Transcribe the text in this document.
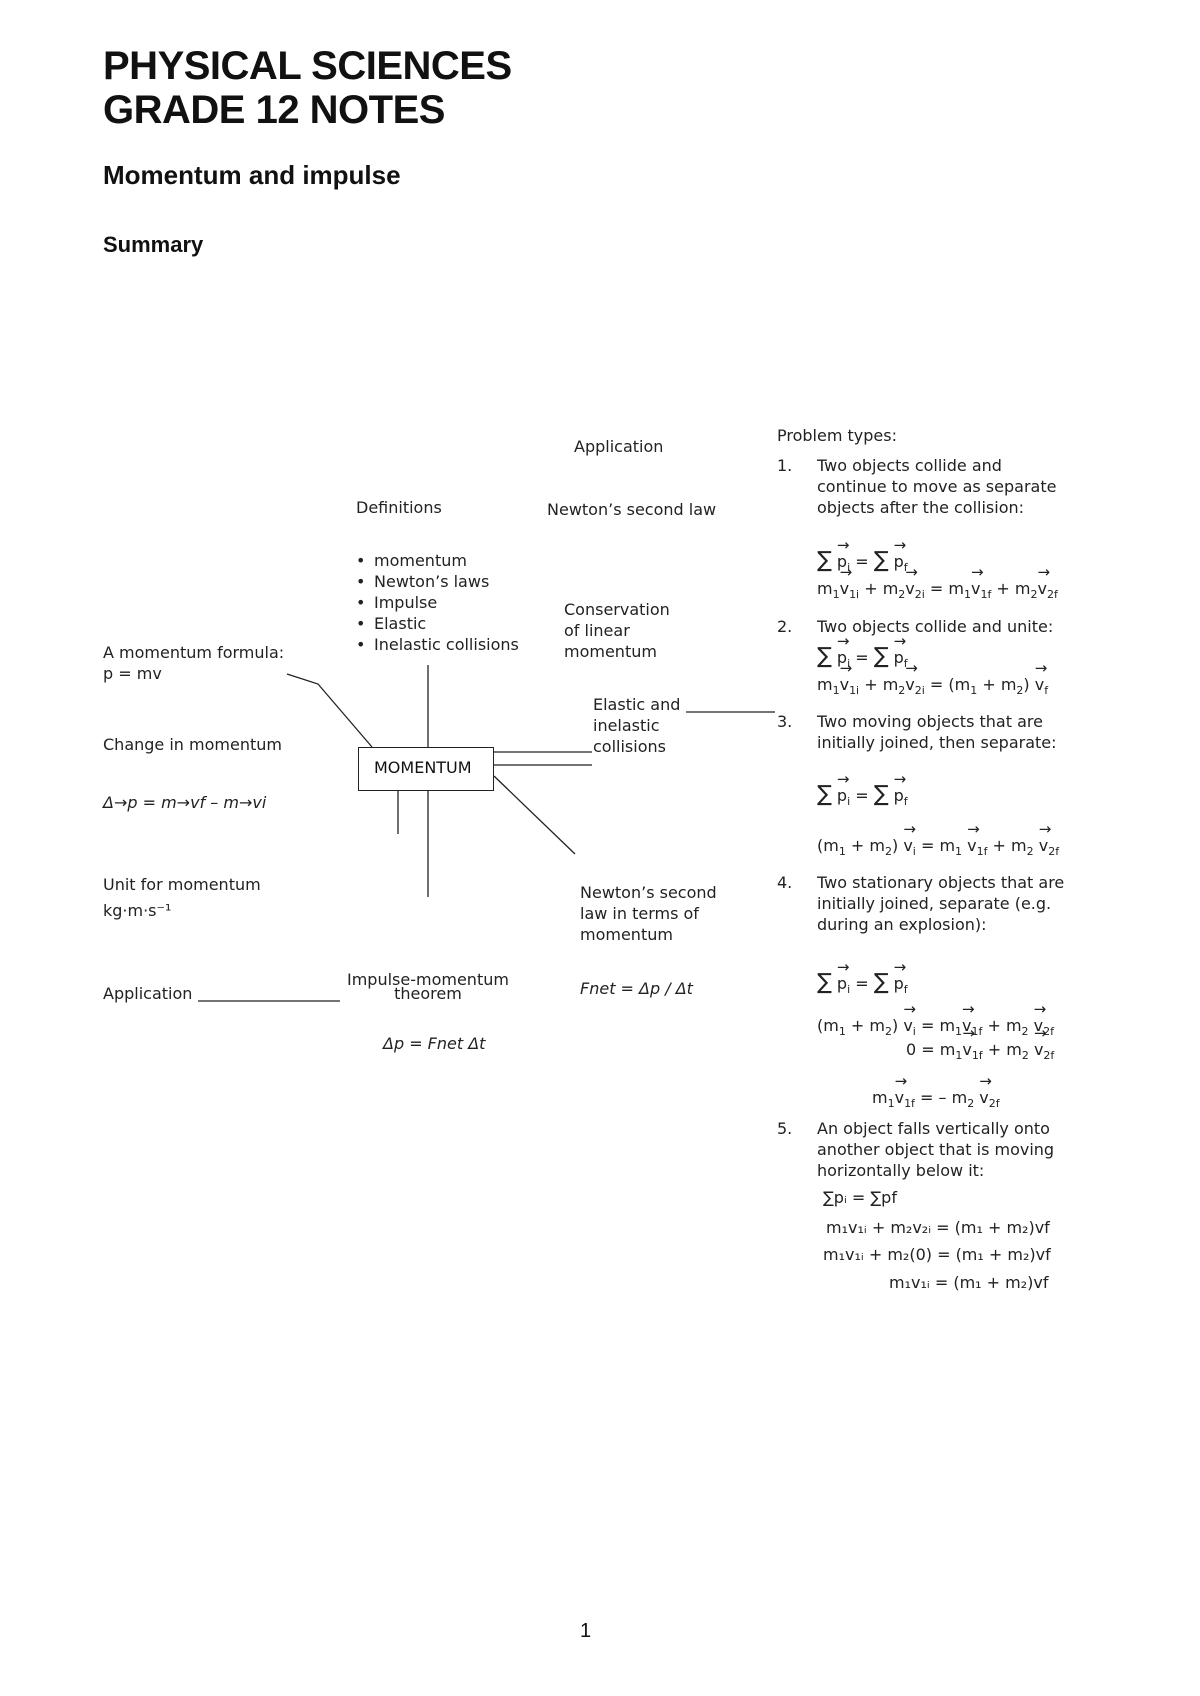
PHYSICAL SCIENCES
GRADE 12 NOTES
Momentum and impulse
Summary
MOMENTUM
A momentum formula:
p = mv
Change in momentum
Δ→p = m→vf – m→vi
Unit for momentum
kg·m·s⁻¹
Application
Definitions
• momentum
• Newton’s laws
• Impulse
• Elastic
• Inelastic collisions
Impulse-momentum
theorem
Δp = Fnet Δt
Application
Newton’s second law
Conservation
of linear
momentum
Elastic and
inelastic
collisions
Newton’s second
law in terms of
momentum
Fnet = Δp / Δt
Problem types:
1. Two objects collide and
continue to move as separate
objects after the collision:
∑ → $p_i$ = ∑ → $p_f$
$m_1\to v_{1i} + m_2\to v_{2i} = m_1\to v_{1f} + m_2\to v_{2f}$
2. Two objects collide and unite:
∑ → $p_i$ = ∑ → $p_f$
$m_1\to v_{1i} + m_2\to v_{2i} = (m_1 + m_2) \to v_f$
3. Two moving objects that are
initially joined, then separate:
∑ → $p_i$ = ∑ → $p_f$
$(m_1 + m_2) \to v_i = m_1 \to v_{1f} + m_2 \to v_{2f}$
4. Two stationary objects that are
initially joined, separate (e.g.
during an explosion):
∑ → $p_i$ = ∑ → $p_f$
$(m_1 + m_2) \to v_i = m_1\to v_{1f} + m_2 \to v_{2f}$
$0 = m_1\to v_{1f} + m_2 \to v_{2f}$
$m_1\to v_{1f}$ = – $m_2 \to v_{2f}$
5. An object falls vertically onto
another object that is moving
horizontally below it:
∑pᵢ = ∑pf
m₁v₁ᵢ + m₂v₂ᵢ = (m₁ + m₂)vf
m₁v₁ᵢ + m₂(0) = (m₁ + m₂)vf
m₁v₁ᵢ = (m₁ + m₂)vf
1
